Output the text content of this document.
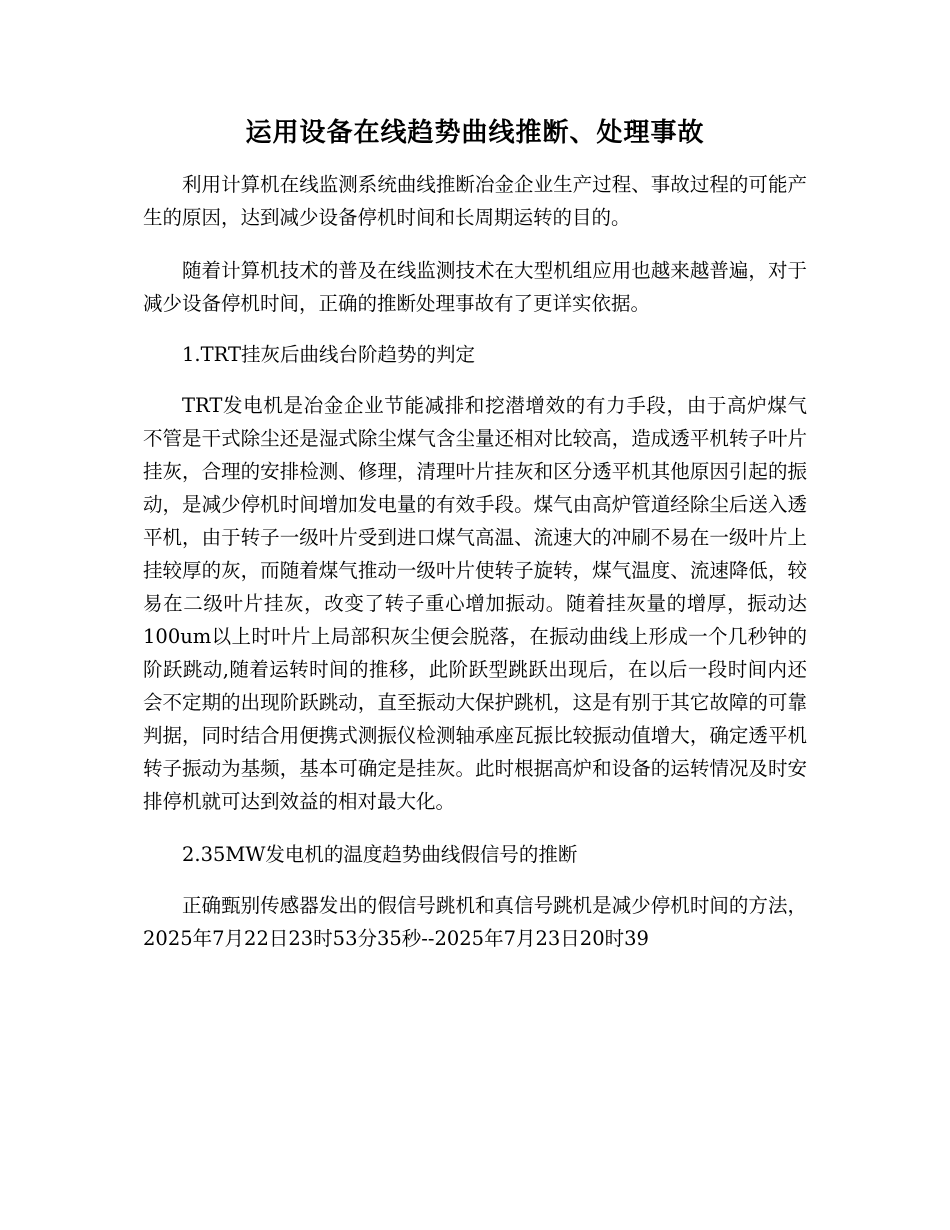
运用设备在线趋势曲线推断、处理事故

利用计算机在线监测系统曲线推断冶金企业生产过程、事故过程的可能产生的原因，达到减少设备停机时间和长周期运转的目的。

随着计算机技术的普及在线监测技术在大型机组应用也越来越普遍，对于减少设备停机时间，正确的推断处理事故有了更详实依据。

1.TRT挂灰后曲线台阶趋势的判定

TRT发电机是冶金企业节能减排和挖潜增效的有力手段，由于高炉煤气不管是干式除尘还是湿式除尘煤气含尘量还相对比较高，造成透平机转子叶片挂灰，合理的安排检测、修理，清理叶片挂灰和区分透平机其他原因引起的振动，是减少停机时间增加发电量的有效手段。煤气由高炉管道经除尘后送入透平机，由于转子一级叶片受到进口煤气高温、流速大的冲刷不易在一级叶片上挂较厚的灰，而随着煤气推动一级叶片使转子旋转，煤气温度、流速降低，较易在二级叶片挂灰，改变了转子重心增加振动。随着挂灰量的增厚，振动达100um以上时叶片上局部积灰尘便会脱落，在振动曲线上形成一个几秒钟的阶跃跳动,随着运转时间的推移，此阶跃型跳跃出现后，在以后一段时间内还会不定期的出现阶跃跳动，直至振动大保护跳机，这是有别于其它故障的可靠判据，同时结合用便携式测振仪检测轴承座瓦振比较振动值增大，确定透平机转子振动为基频，基本可确定是挂灰。此时根据高炉和设备的运转情况及时安排停机就可达到效益的相对最大化。

2.35MW发电机的温度趋势曲线假信号的推断

正确甄别传感器发出的假信号跳机和真信号跳机是减少停机时间的方法，2025年7月22日23时53分35秒--2025年7月23日20时39
